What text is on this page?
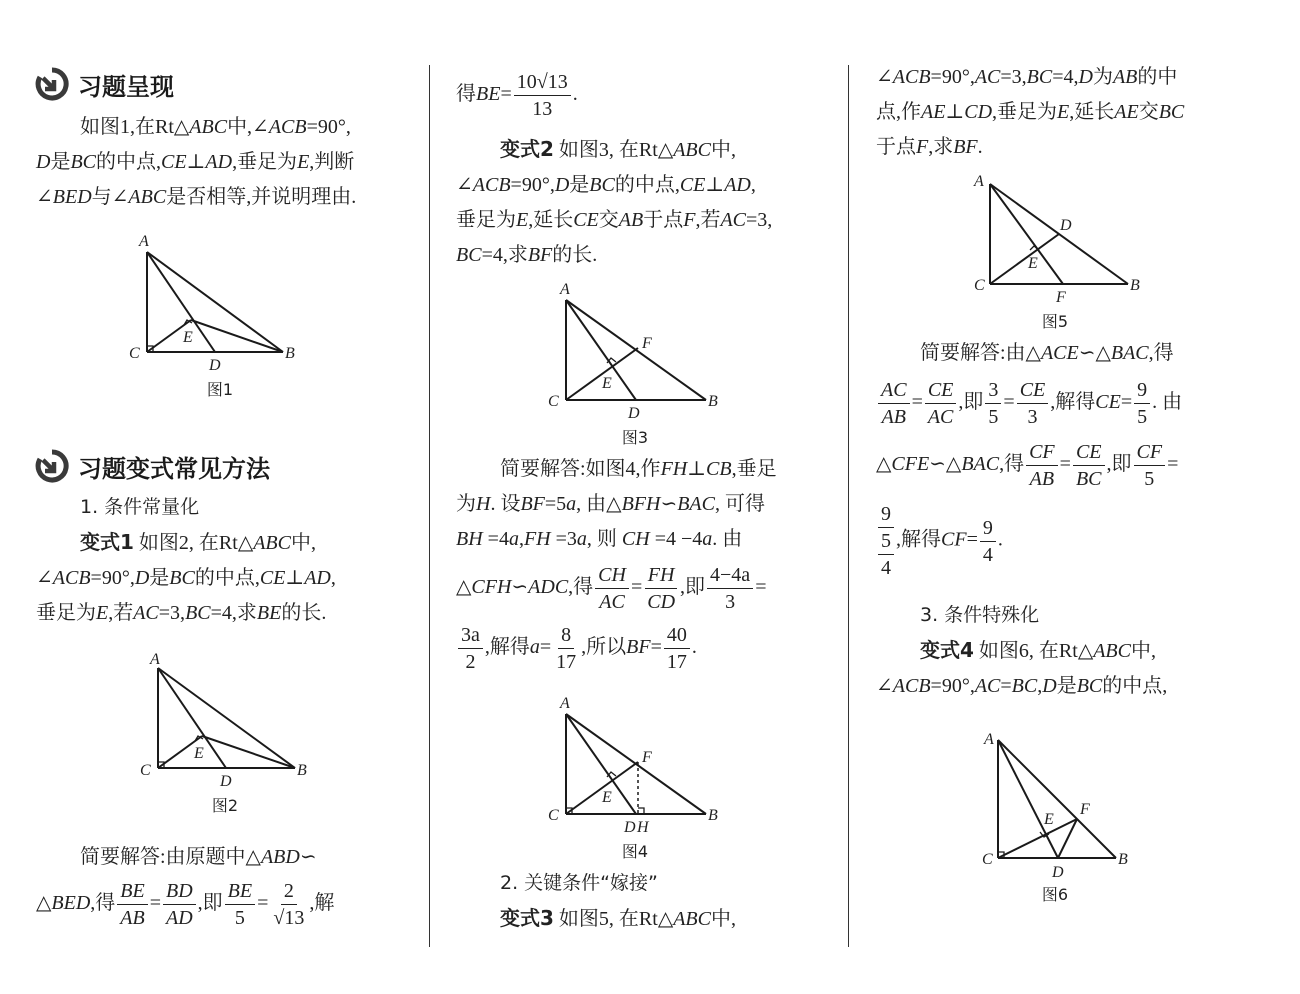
习题呈现

如图1,在Rt△ABC中,∠ACB=90°,

D是BC的中点,CE⊥AD,垂足为E,判断

∠BED与∠ABC是否相等,并说明理由.

A
C	B
D
E
图1
习题变式常见方法
1. 条件常量化

变式1 如图2, 在Rt△ABC中,

∠ACB=90°,D是BC的中点,CE⊥AD,

垂足为E,若AC=3,BC=4,求BE的长.

A
C	B
D
E
图2

简要解答:由原题中△ABD∽

△BED,得 $\frac{BE}{AB} = \frac{BD}{AD}$ ,即 $\frac{BE}{5} = \frac{2}{√13}$ ,解

得$BE= \frac{10√13}{13}$ .

变式2 如图3, 在Rt△ABC中,

∠ACB=90°,D是BC的中点,CE⊥AD,

垂足为E,延长CE交AB于点F,若AC=3,

BC=4,求BF的长.

A
C	B
D
E
F
图3

简要解答:如图4,作FH⊥CB,垂足

为H. 设BF=5a, 由△BFH∽BAC, 可得

BH =4a,FH =3a, 则 CH =4 −4a. 由

△CFH∽ADC,得 $\frac{CH}{AC} = \frac{FH}{CD}$ ,即 $\frac{4-4a}{3}$ =

$\frac{3a}{2}$ ,解得$a= \frac{8}{17}$ ,所以$BF= \frac{40}{17}$ .

A
C	B
D H
E
F
图4
2. 关键条件“嫁接”

变式3 如图5, 在Rt△ABC中,

∠ACB=90°,AC=3,BC=4,D为AB的中

点,作AE⊥CD,垂足为E,延长AE交BC

于点F,求BF.

A
C	B
D
E
F
图5

简要解答:由△ACE∽△BAC,得

$\frac{AC}{AB} = \frac{CE}{AC}$ ,即 $\frac{3}{5} = \frac{CE}{3}$ ,解得$CE= \frac{9}{5}$ . 由

△CFE∽△BAC,得 $\frac{CF}{AB} = \frac{CE}{BC}$ ,即 $\frac{CF}{5}$ =

$\frac{\frac{9}{5}}{4}$ ,解得$CF= \frac{9}{4}$ .

3. 条件特殊化

变式4 如图6, 在Rt△ABC中,

∠ACB=90°,AC=BC,D是BC的中点,

A
C	B
D
E
F
图6
